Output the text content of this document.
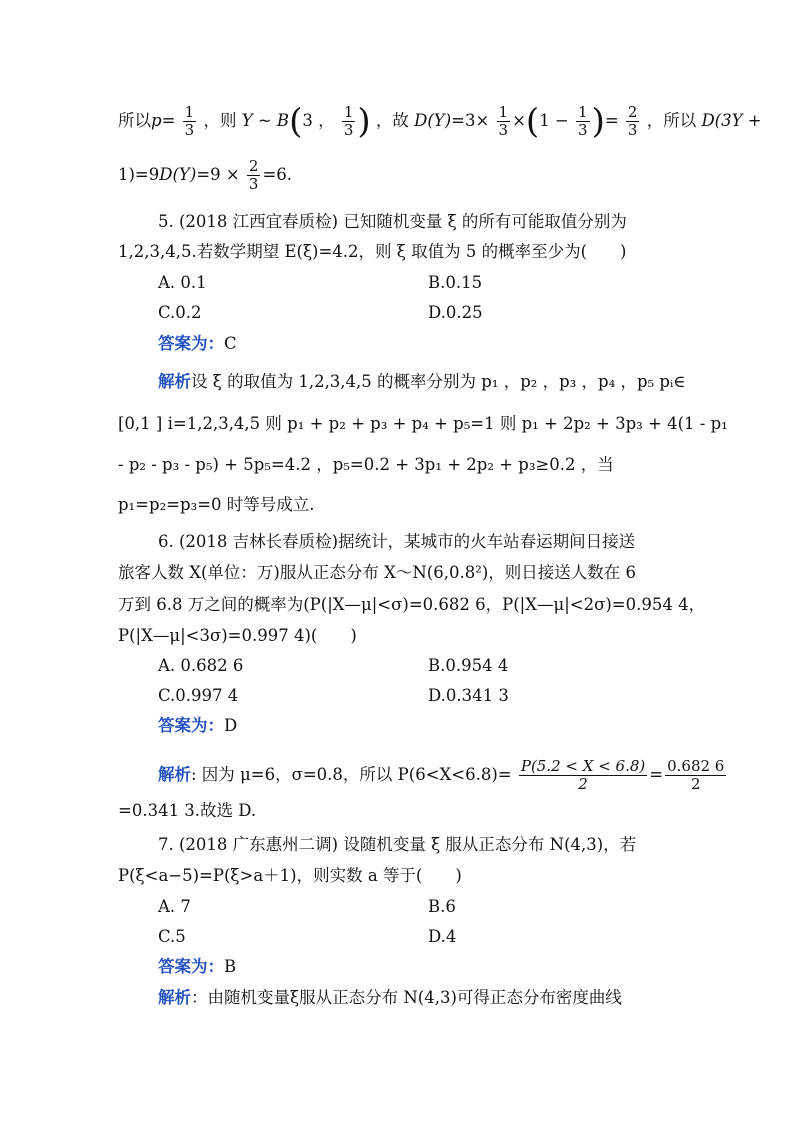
所以$p= \frac{1}{3}$ ，则 Y ~ B(3 ， $\frac{1}{3}$ ) ，故 $D(Y)=3\times \frac{1}{3} \times(1 - \frac{1}{3}$ )= $\frac{2}{3}$ ，所以 D(3Y +
$1)=9D(Y)=9 \times \frac{2}{3} =6$.
5. (2018 江西宜春质检) 已知随机变量 ξ 的所有可能取值分别为
1,2,3,4,5.若数学期望 E(ξ)=4.2，则 ξ 取值为 5 的概率至少为(　　)
A. 0.1	B.0.15
C.0.2	D.0.25
答案为：C
解析设 ξ 的取值为 1,2,3,4,5 的概率分别为 p₁ ，p₂ ，p₃ ，p₄ ，p₅ pᵢ∈
[0,1 ] i=1,2,3,4,5 则 p₁ + p₂ + p₃ + p₄ + p₅=1 则 p₁ + 2p₂ + 3p₃ + 4(1 - p₁
- p₂ - p₃ - p₅) + 5p₅=4.2 ，p₅=0.2 + 3p₁ + 2p₂ + p₃≥0.2 ，当
p₁=p₂=p₃=0 时等号成立.
6. (2018 吉林长春质检)据统计，某城市的火车站春运期间日接送
旅客人数 X(单位：万)服从正态分布 X～N(6,0.8²)，则日接送人数在 6
万到 6.8 万之间的概率为(P(|X—μ|<σ)=0.682 6，P(|X—μ|<2σ)=0.954 4，
P(|X—μ|<3σ)=0.997 4)(　　)
A. 0.682 6	B.0.954 4
C.0.997 4	D.0.341 3
答案为：D
解析: 因为 μ=6，σ=0.8，所以 $P(6<X<6.8)= \frac{P(5.2 < X < 6.8)}{2} = \frac{0.682 6}{2}$
=0.341 3.故选 D.
7. (2018 广东惠州二调) 设随机变量 ξ 服从正态分布 N(4,3)，若
P(ξ<a−5)=P(ξ>a＋1)，则实数 a 等于(　　)
A. 7	B.6
C.5	D.4
答案为：B
解析：由随机变量ξ服从正态分布 N(4,3)可得正态分布密度曲线
